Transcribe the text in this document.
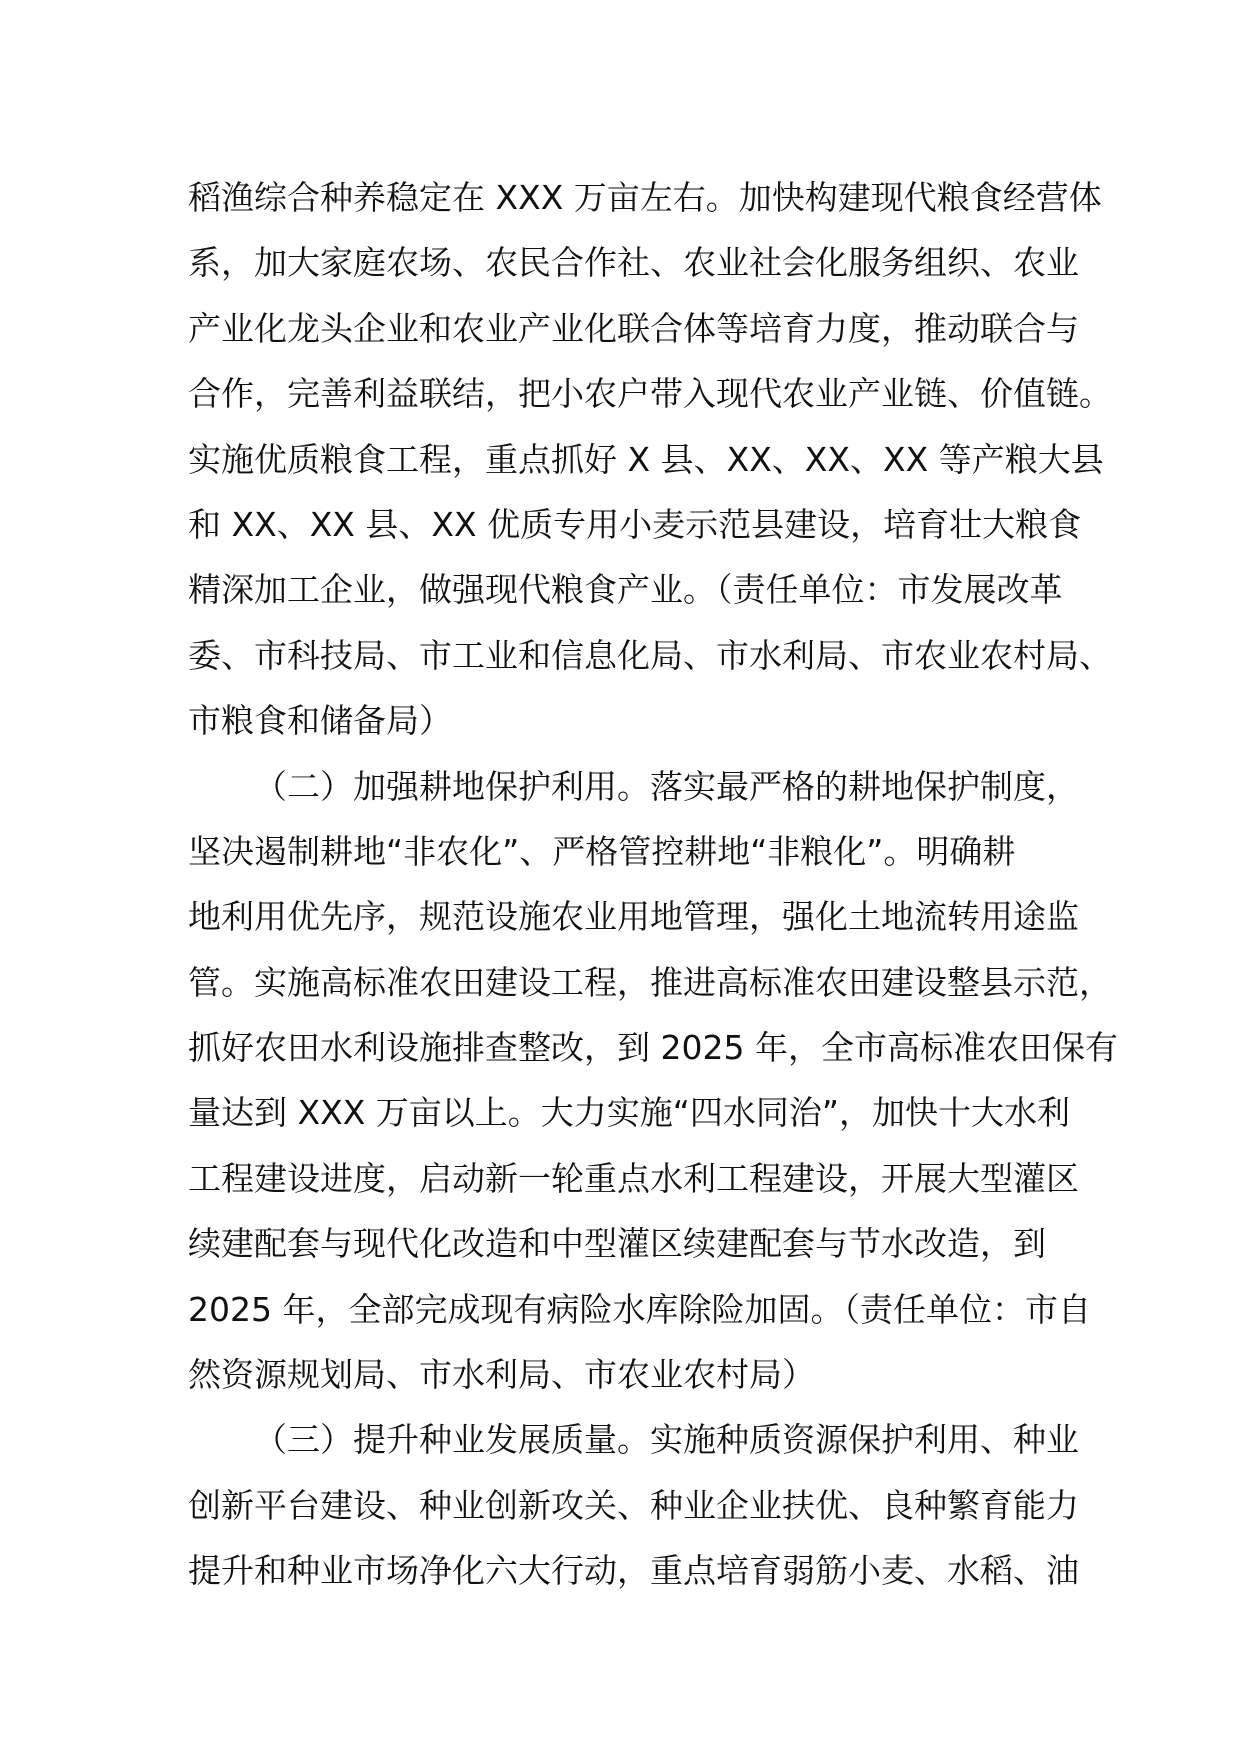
稻渔综合种养稳定在 XXX 万亩左右。加快构建现代粮食经营体
系，加大家庭农场、农民合作社、农业社会化服务组织、农业
产业化龙头企业和农业产业化联合体等培育力度，推动联合与
合作，完善利益联结，把小农户带入现代农业产业链、价值链。
实施优质粮食工程，重点抓好 X 县、XX、XX、XX 等产粮大县
和 XX、XX 县、XX 优质专用小麦示范县建设，培育壮大粮食
精深加工企业，做强现代粮食产业。（责任单位：市发展改革
委、市科技局、市工业和信息化局、市水利局、市农业农村局、
市粮食和储备局）
（二）加强耕地保护利用。落实最严格的耕地保护制度，
坚决遏制耕地“非农化”、严格管控耕地“非粮化”。明确耕
地利用优先序，规范设施农业用地管理，强化土地流转用途监
管。实施高标准农田建设工程，推进高标准农田建设整县示范，
抓好农田水利设施排查整改，到 2025 年，全市高标准农田保有
量达到 XXX 万亩以上。大力实施“四水同治”，加快十大水利
工程建设进度，启动新一轮重点水利工程建设，开展大型灌区
续建配套与现代化改造和中型灌区续建配套与节水改造，到
2025 年，全部完成现有病险水库除险加固。（责任单位：市自
然资源规划局、市水利局、市农业农村局）
（三）提升种业发展质量。实施种质资源保护利用、种业
创新平台建设、种业创新攻关、种业企业扶优、良种繁育能力
提升和种业市场净化六大行动，重点培育弱筋小麦、水稻、油
